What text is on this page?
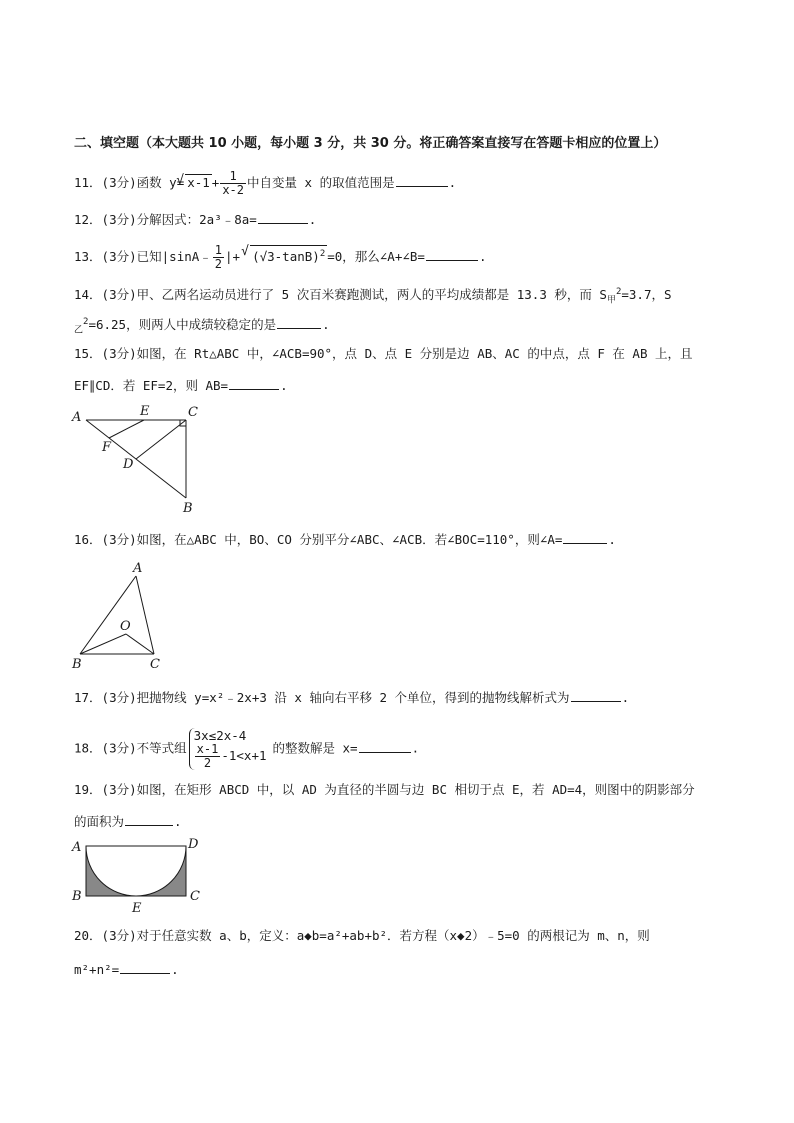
二、填空题（本大题共 10 小题，每小题 3 分，共 30 分。将正确答案直接写在答题卡相应的位置上）
11．(3分)函数 y= √ $x-1 + \frac{1}{x-2}$ 中自变量 x 的取值范围是	.
12．(3分)分解因式：2a³﹣8a=	.
13．(3分)已知|sinA﹣ $\frac{1}{2}$ |+ √ $(√3-\tan B)^2 =0$，那么∠A+∠B=	.
14．(3分)甲、乙两名运动员进行了 5 次百米赛跑测试，两人的平均成绩都是 13.3 秒，而 $S_甲^2=3.7$，S
$_乙^2$=6.25，则两人中成绩较稳定的是	.
15．(3分)如图，在 Rt△ABC 中，∠ACB=90°，点 D、点 E 分别是边 AB、AC 的中点，点 F 在 AB 上，且
EF∥CD．若 EF=2，则 AB=	.
A	E	C
F
D
B
16．(3分)如图，在△ABC 中，BO、CO 分别平分∠ABC、∠ACB．若∠BOC=110°，则∠A=	.
A
O
B	C
17．(3分)把抛物线 y=x²﹣2x+3 沿 x 轴向右平移 2 个单位，得到的抛物线解析式为	.
18．(3分)不等式组
3x≤2x-4
$\frac{x-1}{2} -1<x+1$ 的整数解是 x=	.
19．(3分)如图，在矩形 ABCD 中，以 AD 为直径的半圆与边 BC 相切于点 E，若 AD=4，则图中的阴影部分
的面积为	.
A	D
B	C
E
20．(3分)对于任意实数 a、b，定义：a◆b=a²+ab+b²．若方程（x◆2）﹣5=0 的两根记为 m、n，则
m²+n²=	.
